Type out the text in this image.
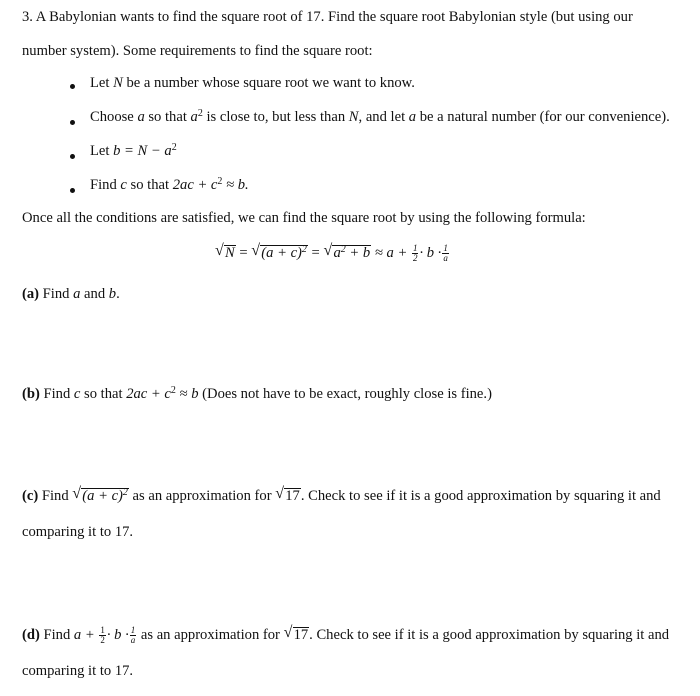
3. A Babylonian wants to find the square root of 17. Find the square root Babylonian style (but using our
number system). Some requirements to find the square root:
Let N be a number whose square root we want to know.
Choose a so that $a^2$ is close to, but less than N, and let a be a natural number (for our convenience).
Let $b = N - a^2$
Find c so that $2ac + c^2 \approx b$.
Once all the conditions are satisfied, we can find the square root by using the following formula:
√ N = √ $(a + c)^2$ = √ $a^2 + b \approx a + \frac{1}{2} \cdot b \cdot \frac{1}{a}$
(a) Find a and b.
(b) Find c so that $2ac + c^2 \approx b$ (Does not have to be exact, roughly close is fine.)
(c) Find √ $(a + c)^2$ as an approximation for √ 17. Check to see if it is a good approximation by squaring it and
comparing it to 17.
(d) Find $a + \frac{1}{2} \cdot b \cdot \frac{1}{a}$ as an approximation for √ 17. Check to see if it is a good approximation by squaring it and
comparing it to 17.
